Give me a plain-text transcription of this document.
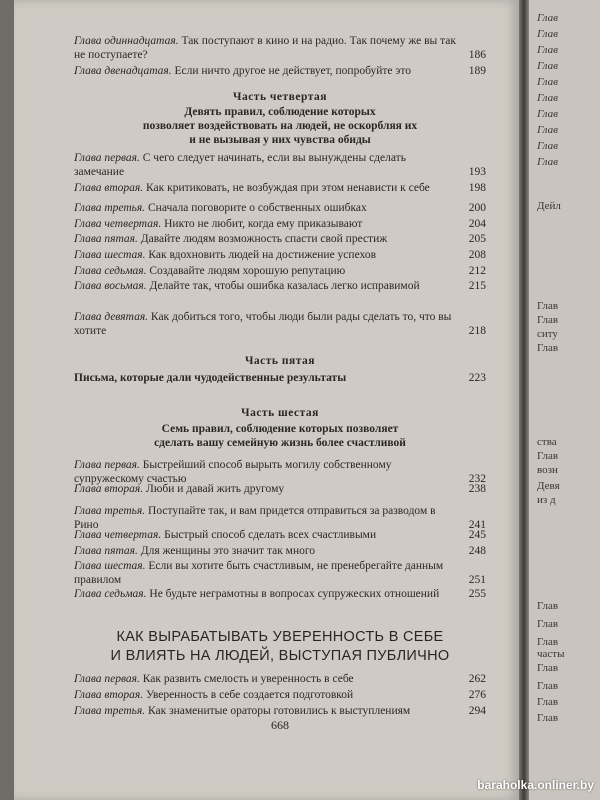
Глава одиннадцатая. Так поступают в кино и на радио. Так почему же вы так не поступаете?	186
Глава двенадцатая. Если ничто другое не действует, попробуйте это	189
Часть четвертая
Девять правил, соблюдение которых
позволяет воздействовать на людей, не оскорбляя их
и не вызывая у них чувства обиды
Глава первая. С чего следует начинать, если вы вынуждены сделать замечание	193
Глава вторая. Как критиковать, не возбуждая при этом ненависти к себе	198
Глава третья. Сначала поговорите о собственных ошибках	200
Глава четвертая. Никто не любит, когда ему приказывают	204
Глава пятая. Давайте людям возможность спасти свой престиж	205
Глава шестая. Как вдохновить людей на достижение успехов	208
Глава седьмая. Создавайте людям хорошую репутацию	212
Глава восьмая. Делайте так, чтобы ошибка казалась легко исправимой	215
Глава девятая. Как добиться того, чтобы люди были рады сделать то, что вы хотите	218
Часть пятая
Письма, которые дали чудодейственные результаты	223
Часть шестая
Семь правил, соблюдение которых позволяет
сделать вашу семейную жизнь более счастливой
Глава первая. Быстрейший способ вырыть могилу собственному супружескому счастью	232
Глава вторая. Люби и давай жить другому	238
Глава третья. Поступайте так, и вам придется отправиться за разводом в Рино	241
Глава четвертая. Быстрый способ сделать всех счастливыми	245
Глава пятая. Для женщины это значит так много	248
Глава шестая. Если вы хотите быть счастливым, не пренебрегайте данным правилом	251
Глава седьмая. Не будьте неграмотны в вопросах супружеских отношений	255
КАК ВЫРАБАТЫВАТЬ УВЕРЕННОСТЬ В СЕБЕ
И ВЛИЯТЬ НА ЛЮДЕЙ, ВЫСТУПАЯ ПУБЛИЧНО
Глава первая. Как развить смелость и уверенность в себе	262
Глава вторая. Уверенность в себе создается подготовкой	276
Глава третья. Как знаменитые ораторы готовились к выступлениям	294
668
Глав
Глав
Глав
Глав
Глав
Глав
Глав
Глав
Глав
Глав
Дейл
Глав
Глав
ситу
Глав
ства
Глав
возн
Девя
из д
Глав
Глав
Глав
часты
Глав
Глав
Глав
Глав
baraholka.onliner.by
